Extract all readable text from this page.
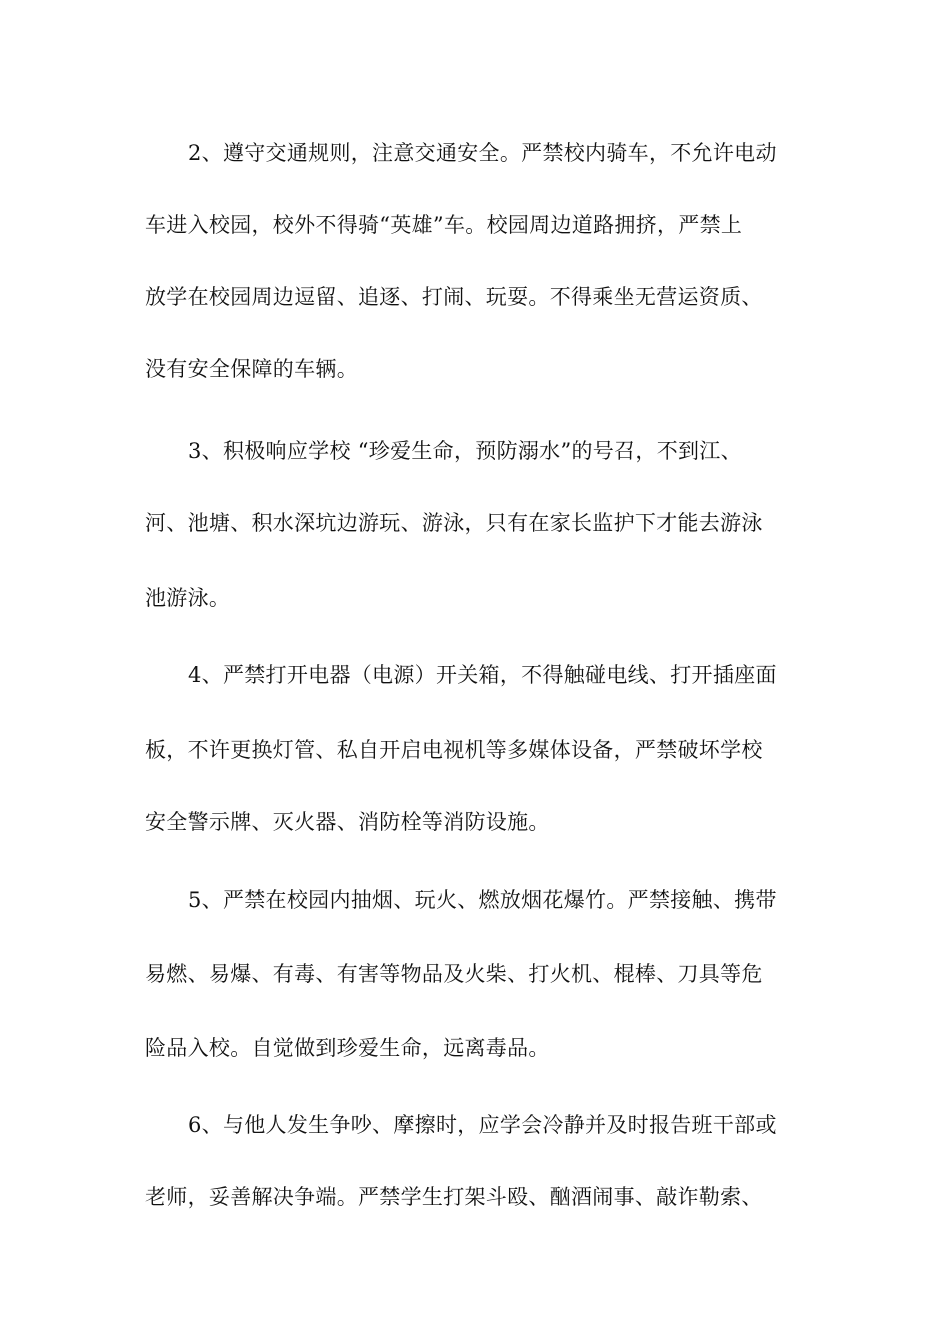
2、遵守交通规则，注意交通安全。严禁校内骑车，不允许电动
车进入校园，校外不得骑“英雄”车。校园周边道路拥挤，严禁上
放学在校园周边逗留、追逐、打闹、玩耍。不得乘坐无营运资质、
没有安全保障的车辆。
3、积极响应学校 “珍爱生命，预防溺水”的号召，不到江、
河、池塘、积水深坑边游玩、游泳，只有在家长监护下才能去游泳
池游泳。
4、严禁打开电器（电源）开关箱，不得触碰电线、打开插座面
板，不许更换灯管、私自开启电视机等多媒体设备，严禁破坏学校
安全警示牌、灭火器、消防栓等消防设施。
5、严禁在校园内抽烟、玩火、燃放烟花爆竹。严禁接触、携带
易燃、易爆、有毒、有害等物品及火柴、打火机、棍棒、刀具等危
险品入校。自觉做到珍爱生命，远离毒品。
6、与他人发生争吵、摩擦时，应学会冷静并及时报告班干部或
老师，妥善解决争端。严禁学生打架斗殴、酗酒闹事、敲诈勒索、
